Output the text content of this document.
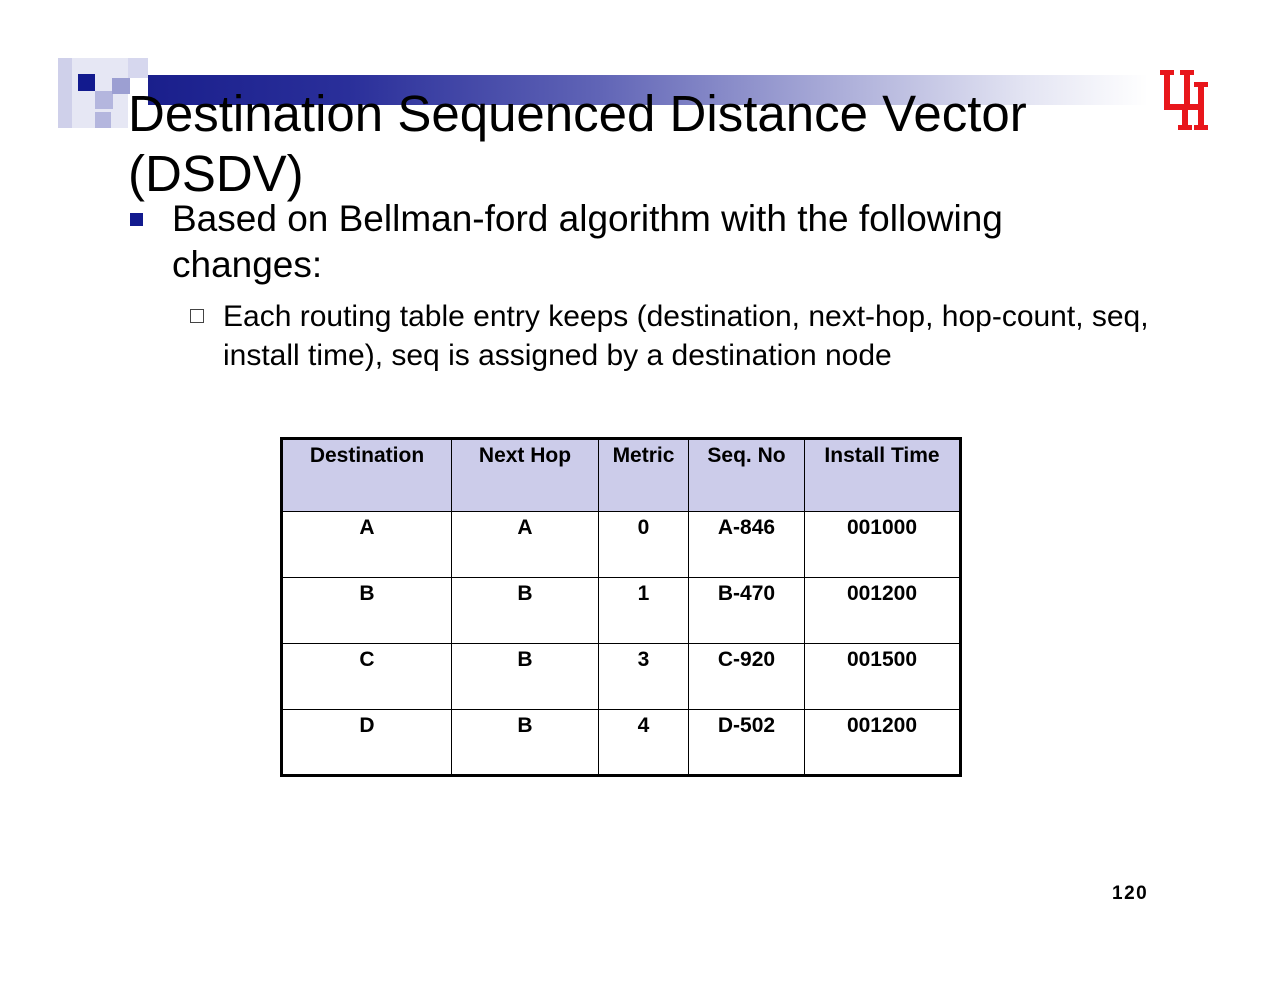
Destination Sequenced Distance Vector (DSDV)
Based on Bellman-ford algorithm with the following changes:
Each routing table entry keeps (destination, next-hop, hop-count, seq, install time), seq is assigned by a destination node
Destination	Next Hop	Metric	Seq. No	Install Time
A	A	0	A-846	001000
B	B	1	B-470	001200
C	B	3	C-920	001500
D	B	4	D-502	001200
120
